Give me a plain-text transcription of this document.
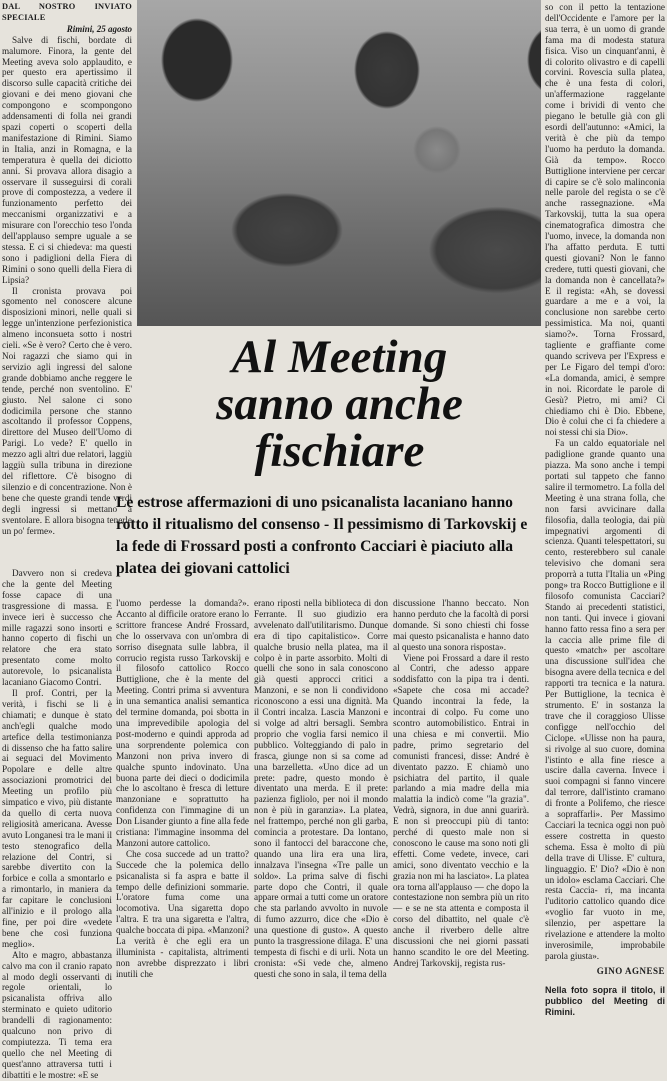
DAL NOSTRO INVIATO SPECIALE
Rimini, 25 agosto

Salve di fischi, bordate di malumore. Finora, la gente del Meeting aveva solo applaudito, e per questo era apertissimo il discorso sulle capacità critiche dei giovani e dei meno giovani che compongono e scompongono addensamenti di folla nei grandi spazi coperti o scoperti della manifestazione di Rimini. Siamo in Italia, anzi in Romagna, e la temperatura è quella dei diciotto anni. Si provava allora disagio a osservare il susseguirsi di corali prove di compostezza, a vedere il funzionamento perfetto dei meccanismi organizzativi e a misurare con l'orecchio teso l'onda dell'applauso sempre uguale a se stessa. E ci si chiedeva: ma questi sono i padiglioni della Fiera di Rimini o sono quelli della Fiera di Lipsia?

Il cronista provava poi sgomento nel conoscere alcune disposizioni minori, nelle quali si legge un'intenzione perfezionistica almeno inconsueta sotto i nostri cieli. «Se è vero? Certo che è vero. Noi ragazzi che siamo qui in servizio agli ingressi del salone grande dobbiamo anche reggere le tende, perché non sventolino. E' giusto. Nel salone ci sono dodicimila persone che stanno ascoltando il professor Coppens, direttore del Museo dell'Uomo di Parigi. Lo vede? E' quello in mezzo agli altri due relatori, laggiù laggiù sulla tribuna in direzione del riflettore. C'è bisogno di silenzio e di concentrazione. Non è bene che queste grandi tende verdi degli ingressi si mettano a sventolare. E allora bisogna tenerle un po' ferme».

Al Meeting
sanno anche
fischiare
Le estrose affermazioni di uno psicanalista lacaniano hanno rotto il ritualismo del consenso - Il pessimismo di Tarkovskij e la fede di Frossard posti a confronto Cacciari è piaciuto alla platea dei giovani cattolici

Davvero non si credeva che la gente del Meeting fosse capace di una trasgressione di massa. E invece ieri è successo che mille ragazzi sono insorti e hanno coperto di fischi un relatore che era stato presentato come molto autorevole, lo psicanalista lacaniano Giacomo Contri.

Il prof. Contri, per la verità, i fischi se li è chiamati; e dunque è stato anch'egli qualche modo artefice della testimonianza di dissenso che ha fatto salire ai seguaci del Movimento Popolare e delle altre associazioni promotrici del Meeting un profilo più simpatico e vivo, più distante da quello di certa nuova religiosità americana. Avesse avuto Longanesi tra le mani il testo stenografico della relazione del Contri, si sarebbe divertito con la forbice e colla a smontarlo e a rimontarlo, in maniera da far capitare le conclusioni all'inizio e il prologo alla fine, per poi dire «vedete bene che così funziona meglio».

Alto e magro, abbastanza calvo ma con il cranio rapato al modo degli osservanti di regole orientali, lo psicanalista offriva allo sterminato e quieto uditorio brandelli di ragionamento: qualcuno non privo di compiutezza. Ti tema era quello che nel Meeting di quest'anno attraversa tutti i dibattiti e le mostre: «E se

l'uomo perdesse la domanda?». Accanto al difficile oratore erano lo scrittore francese André Frossard, che lo osservava con un'ombra di sorriso disegnata sulle labbra, il corrucio regista russo Tarkovskij e il filosofo cattolico Rocco Buttiglione, che è la mente del Meeting. Contri prima si avventura in una semantica analisi semantica del termine domanda, poi sbotta in una imprevedibile apologia del post-moderno e quindi approda ad una sorprendente polemica con Manzoni non priva invero di qualche spunto indovinato. Una buona parte dei dieci o dodicimila che lo ascoltano è fresca di letture manzoniane e soprattutto ha confidenza con l'immagine di un Don Lisander giunto a fine alla fede cristiana: l'immagine insomma del Manzoni autore cattolico.

Che cosa succede ad un tratto? Succede che la polemica dello psicanalista si fa aspra e batte il tempo delle definizioni sommarie. L'oratore fuma come una locomotiva. Una sigaretta dopo l'altra. E tra una sigaretta e l'altra, qualche boccata di pipa. «Manzoni? La verità è che egli era un illuminista - capitalista, altrimenti non avrebbe disprezzato i libri inutili che

erano riposti nella biblioteca di don Ferrante. Il suo giudizio era avvelenato dall'utilitarismo. Dunque era di tipo capitalistico». Corre qualche brusio nella platea, ma il colpo è in parte assorbito. Molti di quelli che sono in sala conoscono già questi approcci critici a Manzoni, e se non li condividono riconoscono a essi una dignità. Ma il Contri incalza. Lascia Manzoni e si volge ad altri bersagli. Sembra proprio che voglia farsi nemico il pubblico. Volteggiando di palo in frasca, giunge non si sa come ad una barzelletta. «Uno dice ad un prete: padre, questo mondo è diventato una merda. E il prete: pazienza figliolo, per noi il mondo non è più in garanzia». La platea, nel frattempo, perché non gli garba, comincia a protestare. Da lontano, sono il fantocci del baraccone che, quando una lira era una lira, innalzava l'insegna «Tre palle un soldo». La prima salve di fischi parte dopo che Contri, il quale appare ormai a tutti come un oratore che sta parlando avvolto in nuvole di fumo azzurro, dice che «Dio è una questione di gusto». A questo punto la trasgressione dilaga. E' una tempesta di fischi e di urli. Nota un cronista: «Si vede che, almeno questi che sono in sala, il tema della

discussione l'hanno beccato. Non hanno perduto che la facoltà di porsi domande. Si sono chiesti chi fosse mai questo psicanalista e hanno dato al questo una sonora risposta».

Viene poi Frossard a dare il resto al Contri, che adesso appare soddisfatto con la pipa tra i denti. «Sapete che cosa mi accade? Quando incontrai la fede, la incontrai di colpo. Fu come uno scontro automobilistico. Entrai in una chiesa e mi convertii. Mio padre, primo segretario del comunisti francesi, disse: André è diventato pazzo. E chiamò uno psichiatra del partito, il quale parlando a mia madre della mia malattia la indicò come "la grazia". Vedrà, signora, in due anni guarirà. E non si preoccupi più di tanto: perché di questo male non si conoscono le cause ma sono noti gli effetti. Come vedete, invece, cari amici, sono diventato vecchio e la grazia non mi ha lasciato». La platea ora torna all'applauso — che dopo la contestazione non sembra più un rito — e se ne sta attenta e composta il corso del dibattito, nel quale c'è anche il riverbero delle altre discussioni che nei giorni passati hanno scandito le ore del Meeting. Andrej Tarkovskij, regista rus-

so con il petto la tentazione dell'Occidente e l'amore per la sua terra, è un uomo di grande fama ma di modesta statura fisica. Viso un cinquant'anni, è di colorito olivastro e di capelli corvini. Rovescia sulla platea, che è una festa di colori, un'affermazione raggelante come i brividi di vento che piegano le betulle già con gli esordi dell'autunno: «Amici, la verità è che più da tempo l'uomo ha perduto la domanda. Già da tempo». Rocco Buttiglione interviene per cercar di capire se c'è solo malinconia nelle parole del regista o se c'è anche rassegnazione. «Ma Tarkovskij, tutta la sua opera cinematografica dimostra che l'uomo, invece, la domanda non l'ha affatto perduta. E tutti questi giovani? Non le fanno credere, tutti questi giovani, che la domanda non è cancellata?» E il regista: «Ah, se dovessi guardare a me e a voi, la conclusione non sarebbe certo pessimistica. Ma noi, quanti siamo?». Torna Frossard, tagliente e graffiante come quando scriveva per l'Express e per Le Figaro del tempi d'oro: «La domanda, amici, è sempre in noi. Ricordate le parole di Gesù? Pietro, mi ami? Ci chiediamo chi è Dio. Ebbene, Dio è colui che ci fa chiedere a noi stessi chi sia Dio».

Fa un caldo equatoriale nel padiglione grande quanto una piazza. Ma sono anche i tempi portati sul tappeto che fanno salire il termometro. La folla del Meeting è una strana folla, che non farsi avvicinare dalla filosofia, dalla teologia, dai più impegnativi argomenti di scienza. Quanti telespettatori, su cento, resterebbero sul canale televisivo che domani sera proporrà a tutta l'Italia un «Ping pong» tra Rocco Buttiglione e il filosofo comunista Cacciari? Stando ai precedenti statistici, non tanti. Qui invece i giovani hanno fatto ressa fino a sera per la caccia alle prime file di questo «match» per ascoltare una discussione sull'idea che bisogna avere della tecnica e del rapporti tra tecnica e la natura. Per Buttiglione, la tecnica è strumento. E' in sostanza la trave che il coraggioso Ulisse configge nell'occhio del Ciclope. «Ulisse non ha paura, si rivolge al suo cuore, domina l'istinto e alla fine riesce a uscire dalla caverna. Invece i suoi compagni si fanno vincere dal terrore, dall'istinto cramano di fronte a Polifemo, che riesce a sopraffarli». Per Massimo Cacciari la tecnica oggi non può essere costretta in questo schema. Essa è molto di più della trave di Ulisse. E' cultura, linguaggio. E' Dio? «Dio è non un idolo» esclama Cacciari. Che resta Caccia- ri, ma incanta l'uditorio cattolico quando dice «voglio far vuoto in me, silenzio, per aspettare la rivelazione e attendere la molto inverosimile, improbabile parola giusta».

GINO AGNESE
Nella foto sopra il titolo, il pubblico del Meeting di Rimini.
